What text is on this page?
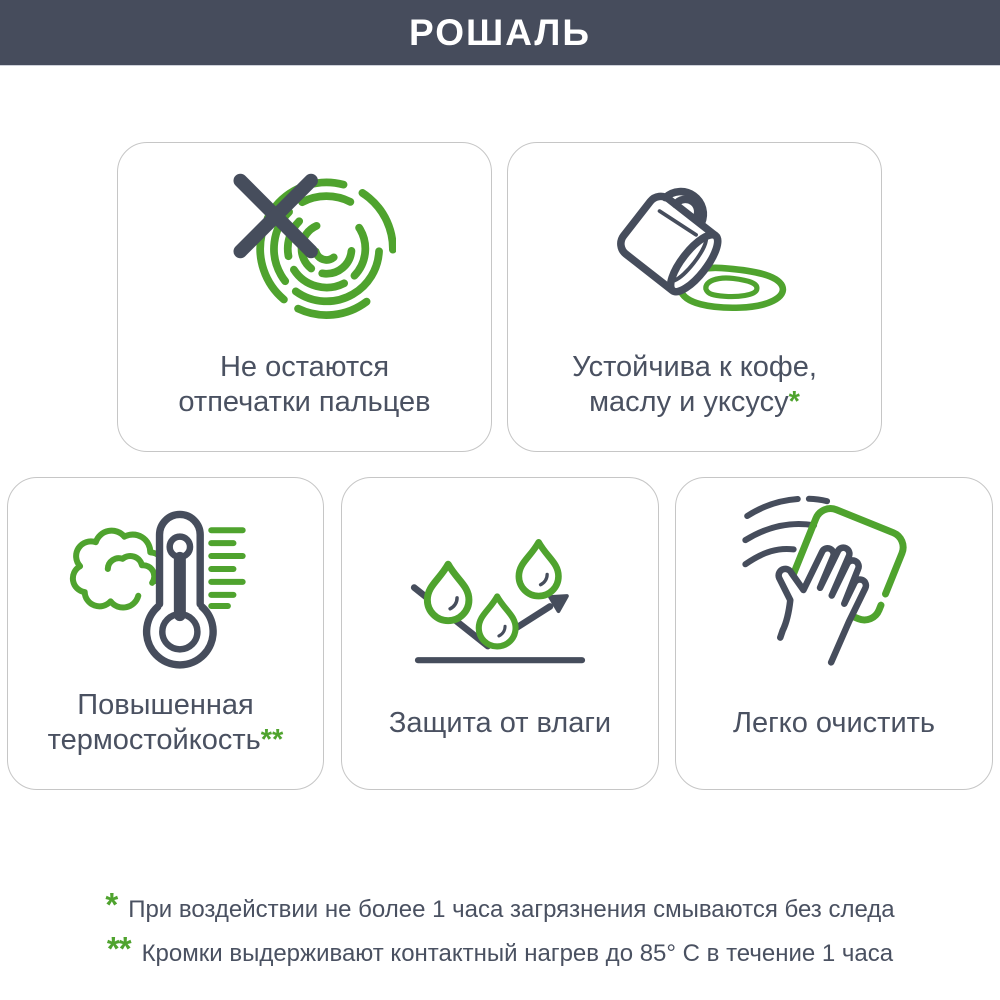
РОШАЛЬ
Не остаются
отпечатки пальцев
Устойчива к кофе,
маслу и уксусу*
Повышенная
термостойкость**
Защита от влаги	Легко очистить
* При воздействии не более 1 часа загрязнения смываются без следа
** Кромки выдерживают контактный нагрев до 85° C в течение 1 часа
